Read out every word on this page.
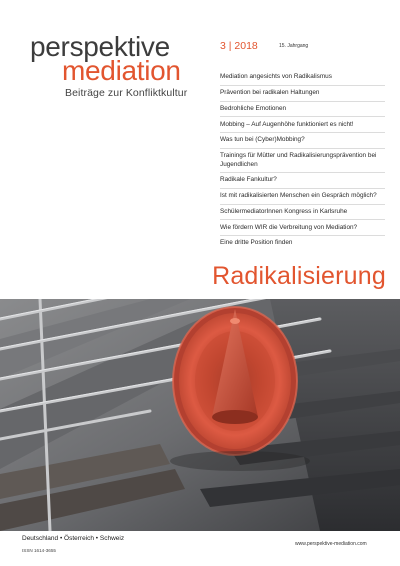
perspektive
mediation
Beiträge zur Konfliktkultur
3 | 2018	15. Jahrgang
Mediation angesichts von Radikalismus
Prävention bei radikalen Haltungen
Bedrohliche Emotionen
Mobbing – Auf Augenhöhe funktioniert es nicht!
Was tun bei (Cyber)Mobbing?
Trainings für Mütter und Radikalisierungsprävention bei Jugendlichen
Radikale Fankultur?
Ist mit radikalisierten Menschen ein Gespräch möglich?
SchülermediatorInnen Kongress in Karlsruhe
Wie fördern WIR die Verbreitung von Mediation?
Eine dritte Position finden
Radikalisierung
Deutschland • Österreich • Schweiz
ISSN 1614-3655
www.perspektive-mediation.com
